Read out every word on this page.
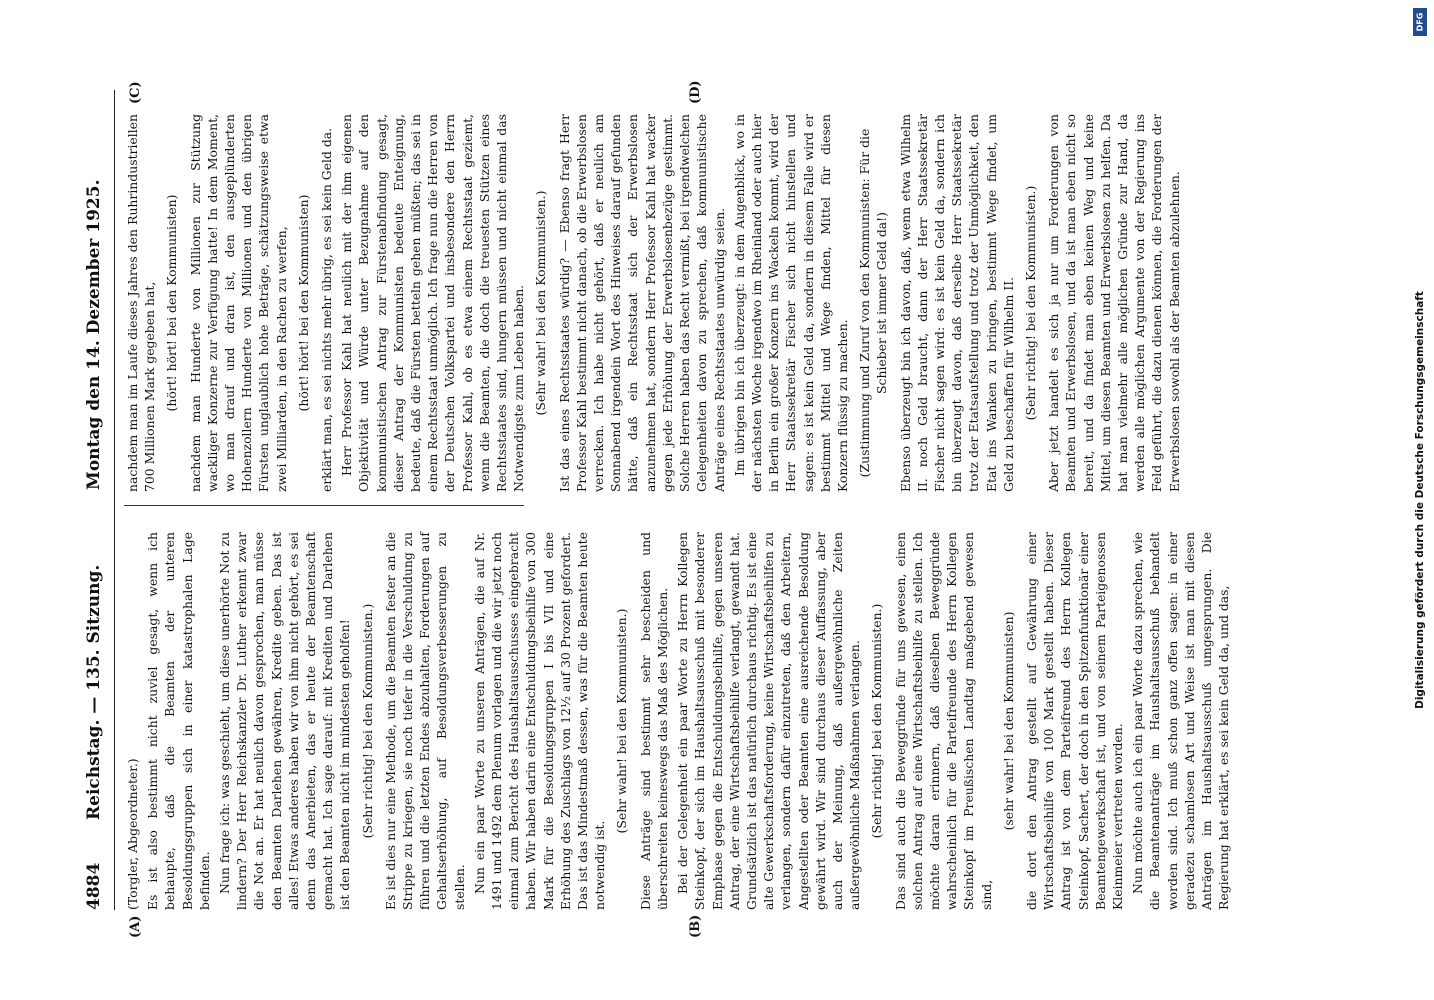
4884
Reichstag. — 135. Sitzung.
Montag den 14. Dezember 1925.
(A)	(B)
(C)	(D)

(Torgler, Abgeordneter.) Es ist also bestimmt nicht zuviel gesagt, wenn ich behaupte, daß die Beamten der unteren Besoldungsgruppen sich in einer katastrophalen Lage befinden. Nun frage ich: was geschieht, um diese unerhörte Not zu lindern? Der Herr Reichskanzler Dr. Luther erkennt zwar die Not an. Er hat neulich davon gesprochen, man müsse den Beamten Darlehen gewähren, Kredite geben. Das ist alles! Etwas anderes haben wir von ihm nicht gehört, es sei denn das Anerbieten, das er heute der Beamtenschaft gemacht hat. Ich sage darauf: mit Krediten und Darlehen ist den Beamten nicht im mindesten geholfen! (Sehr richtig! bei den Kommunisten.) Es ist dies nur eine Methode, um die Beamten fester an die Strippe zu kriegen, sie noch tiefer in die Verschuldung zu führen und die letzten Endes abzuhalten, Forderungen auf Gehaltserhöhung, auf Besoldungsverbesserungen zu stellen. Nun ein paar Worte zu unseren Anträgen, die auf Nr. 1491 und 1492 dem Plenum vorlagen und die wir jetzt noch einmal zum Bericht des Haushaltsausschusses eingebracht haben. Wir haben darin eine Entschuldungsbeihilfe von 300 Mark für die Besoldungsgruppen I bis VII und eine Erhöhung des Zuschlags von 12½ auf 30 Prozent gefordert. Das ist das Mindestmaß dessen, was für die Beamten heute notwendig ist.

(Sehr wahr! bei den Kommunisten.) Diese Anträge sind bestimmt sehr bescheiden und überschreiten keineswegs das Maß des Möglichen. Bei der Gelegenheit ein paar Worte zu Herrn Kollegen Steinkopf, der sich im Haushaltsausschuß mit besonderer Emphase gegen die Entschuldungsbeihilfe, gegen unseren Antrag, der eine Wirtschaftsbeihilfe verlangt, gewandt hat. Grundsätzlich ist das natürlich durchaus richtig. Es ist eine alte Gewerkschaftsforderung, keine Wirtschaftsbeihilfen zu verlangen, sondern dafür einzutreten, daß den Arbeitern, Angestellten oder Beamten eine ausreichende Besoldung gewährt wird. Wir sind durchaus dieser Auffassung, aber auch der Meinung, daß außergewöhnliche Zeiten außergewöhnliche Maßnahmen verlangen. (Sehr richtig! bei den Kommunisten.) Das sind auch die Beweggründe für uns gewesen, einen solchen Antrag auf eine Wirtschaftsbeihilfe zu stellen. Ich möchte daran erinnern, daß dieselben Beweggründe wahrscheinlich für die Parteifreunde des Herrn Kollegen Steinkopf im Preußischen Landtag maßgebend gewesen sind,

(sehr wahr! bei den Kommunisten) die dort den Antrag gestellt auf Gewährung einer Wirtschaftsbeihilfe von 100 Mark gestellt haben. Dieser Antrag ist von dem Parteifreund des Herrn Kollegen Steinkopf, Sachert, der doch in den Spitzenfunktionär einer Beamtengewerkschaft ist, und von seinem Parteigenossen Kleinmeier vertreten worden. Nun möchte auch ich ein paar Worte dazu sprechen, wie die Beamtenanträge im Haushaltsausschuß behandelt worden sind. Ich muß schon ganz offen sagen: in einer geradezu schamlosen Art und Weise ist man mit diesen Anträgen im Haushaltsausschuß umgesprungen. Die Regierung hat erklärt, es sei kein Geld da, und das,

nachdem man im Laufe dieses Jahres den Ruhrindustriellen 700 Millionen Mark gegeben hat, (hört! hört! bei den Kommunisten) nachdem man Hunderte von Millionen zur Stützung wackliger Konzerne zur Verfügung hatte! In dem Moment, wo man drauf und dran ist, den ausgeplünderten Hohenzollern Hunderte von Millionen und den übrigen Fürsten unglaublich hohe Beträge, schätzungsweise etwa zwei Milliarden, in den Rachen zu werfen, (hört! hört! bei den Kommunisten) erklärt man, es sei nichts mehr übrig, es sei kein Geld da. Herr Professor Kahl hat neulich mit der ihm eigenen Objektivität und Würde unter Bezugnahme auf den kommunistischen Antrag zur Fürstenabfindung gesagt, dieser Antrag der Kommunisten bedeute Enteignung, bedeute, daß die Fürsten betteln gehen müßten; das sei in einem Rechtsstaat unmöglich. Ich frage nun die Herren von der Deutschen Volkspartei und insbesondere den Herrn Professor Kahl, ob es etwa einem Rechtsstaat geziemt, wenn die Beamten, die doch die treuesten Stützen eines Rechtsstaates sind, hungern müssen und nicht einmal das Notwendigste zum Leben haben. (Sehr wahr! bei den Kommunisten.) Ist das eines Rechtsstaates würdig? — Ebenso fragt Herr Professor Kahl bestimmt nicht danach, ob die Erwerbslosen verrecken. Ich habe nicht gehört, daß er neulich am Sonnabend irgendein Wort des Hinweises darauf gefunden hätte, daß ein Rechtsstaat sich der Erwerbslosen anzunehmen hat, sondern Herr Professor Kahl hat wacker gegen jede Erhöhung der Erwerbslosenbezüge gestimmt. Solche Herren haben das Recht vermißt, bei irgendwelchen Gelegenheiten davon zu sprechen, daß kommunistische Anträge eines Rechtsstaates unwürdig seien. Im übrigen bin ich überzeugt: in dem Augenblick, wo in der nächsten Woche irgendwo im Rheinland oder auch hier in Berlin ein großer Konzern ins Wackeln kommt, wird der Herr Staatssekretär Fischer sich nicht hinstellen und sagen: es ist kein Geld da, sondern in diesem Falle wird er bestimmt Mittel und Wege finden, Mittel für diesen Konzern flüssig zu machen. (Zustimmung und Zuruf von den Kommunisten: Für die Schieber ist immer Geld da!) Ebenso überzeugt bin ich davon, daß, wenn etwa Wilhelm II. noch Geld braucht, dann der Herr Staatssekretär Fischer nicht sagen wird: es ist kein Geld da, sondern ich bin überzeugt davon, daß derselbe Herr Staatssekretär trotz der Etatsaufstellung und trotz der Unmöglichkeit, den Etat ins Wanken zu bringen, bestimmt Wege findet, um Geld zu beschaffen für Wilhelm II. (Sehr richtig! bei den Kommunisten.) Aber jetzt handelt es sich ja nur um Forderungen von Beamten und Erwerbslosen, und da ist man eben nicht so bereit, und da findet man eben keinen Weg und keine Mittel, um diesen Beamten und Erwerbslosen zu helfen. Da hat man vielmehr alle möglichen Gründe zur Hand, da werden alle möglichen Argumente von der Regierung ins Feld geführt, die dazu dienen können, die Forderungen der Erwerbslosen sowohl als der Beamten abzulehnen.

DFG
Digitalisierung gefördert durch die Deutsche Forschungsgemeinschaft
